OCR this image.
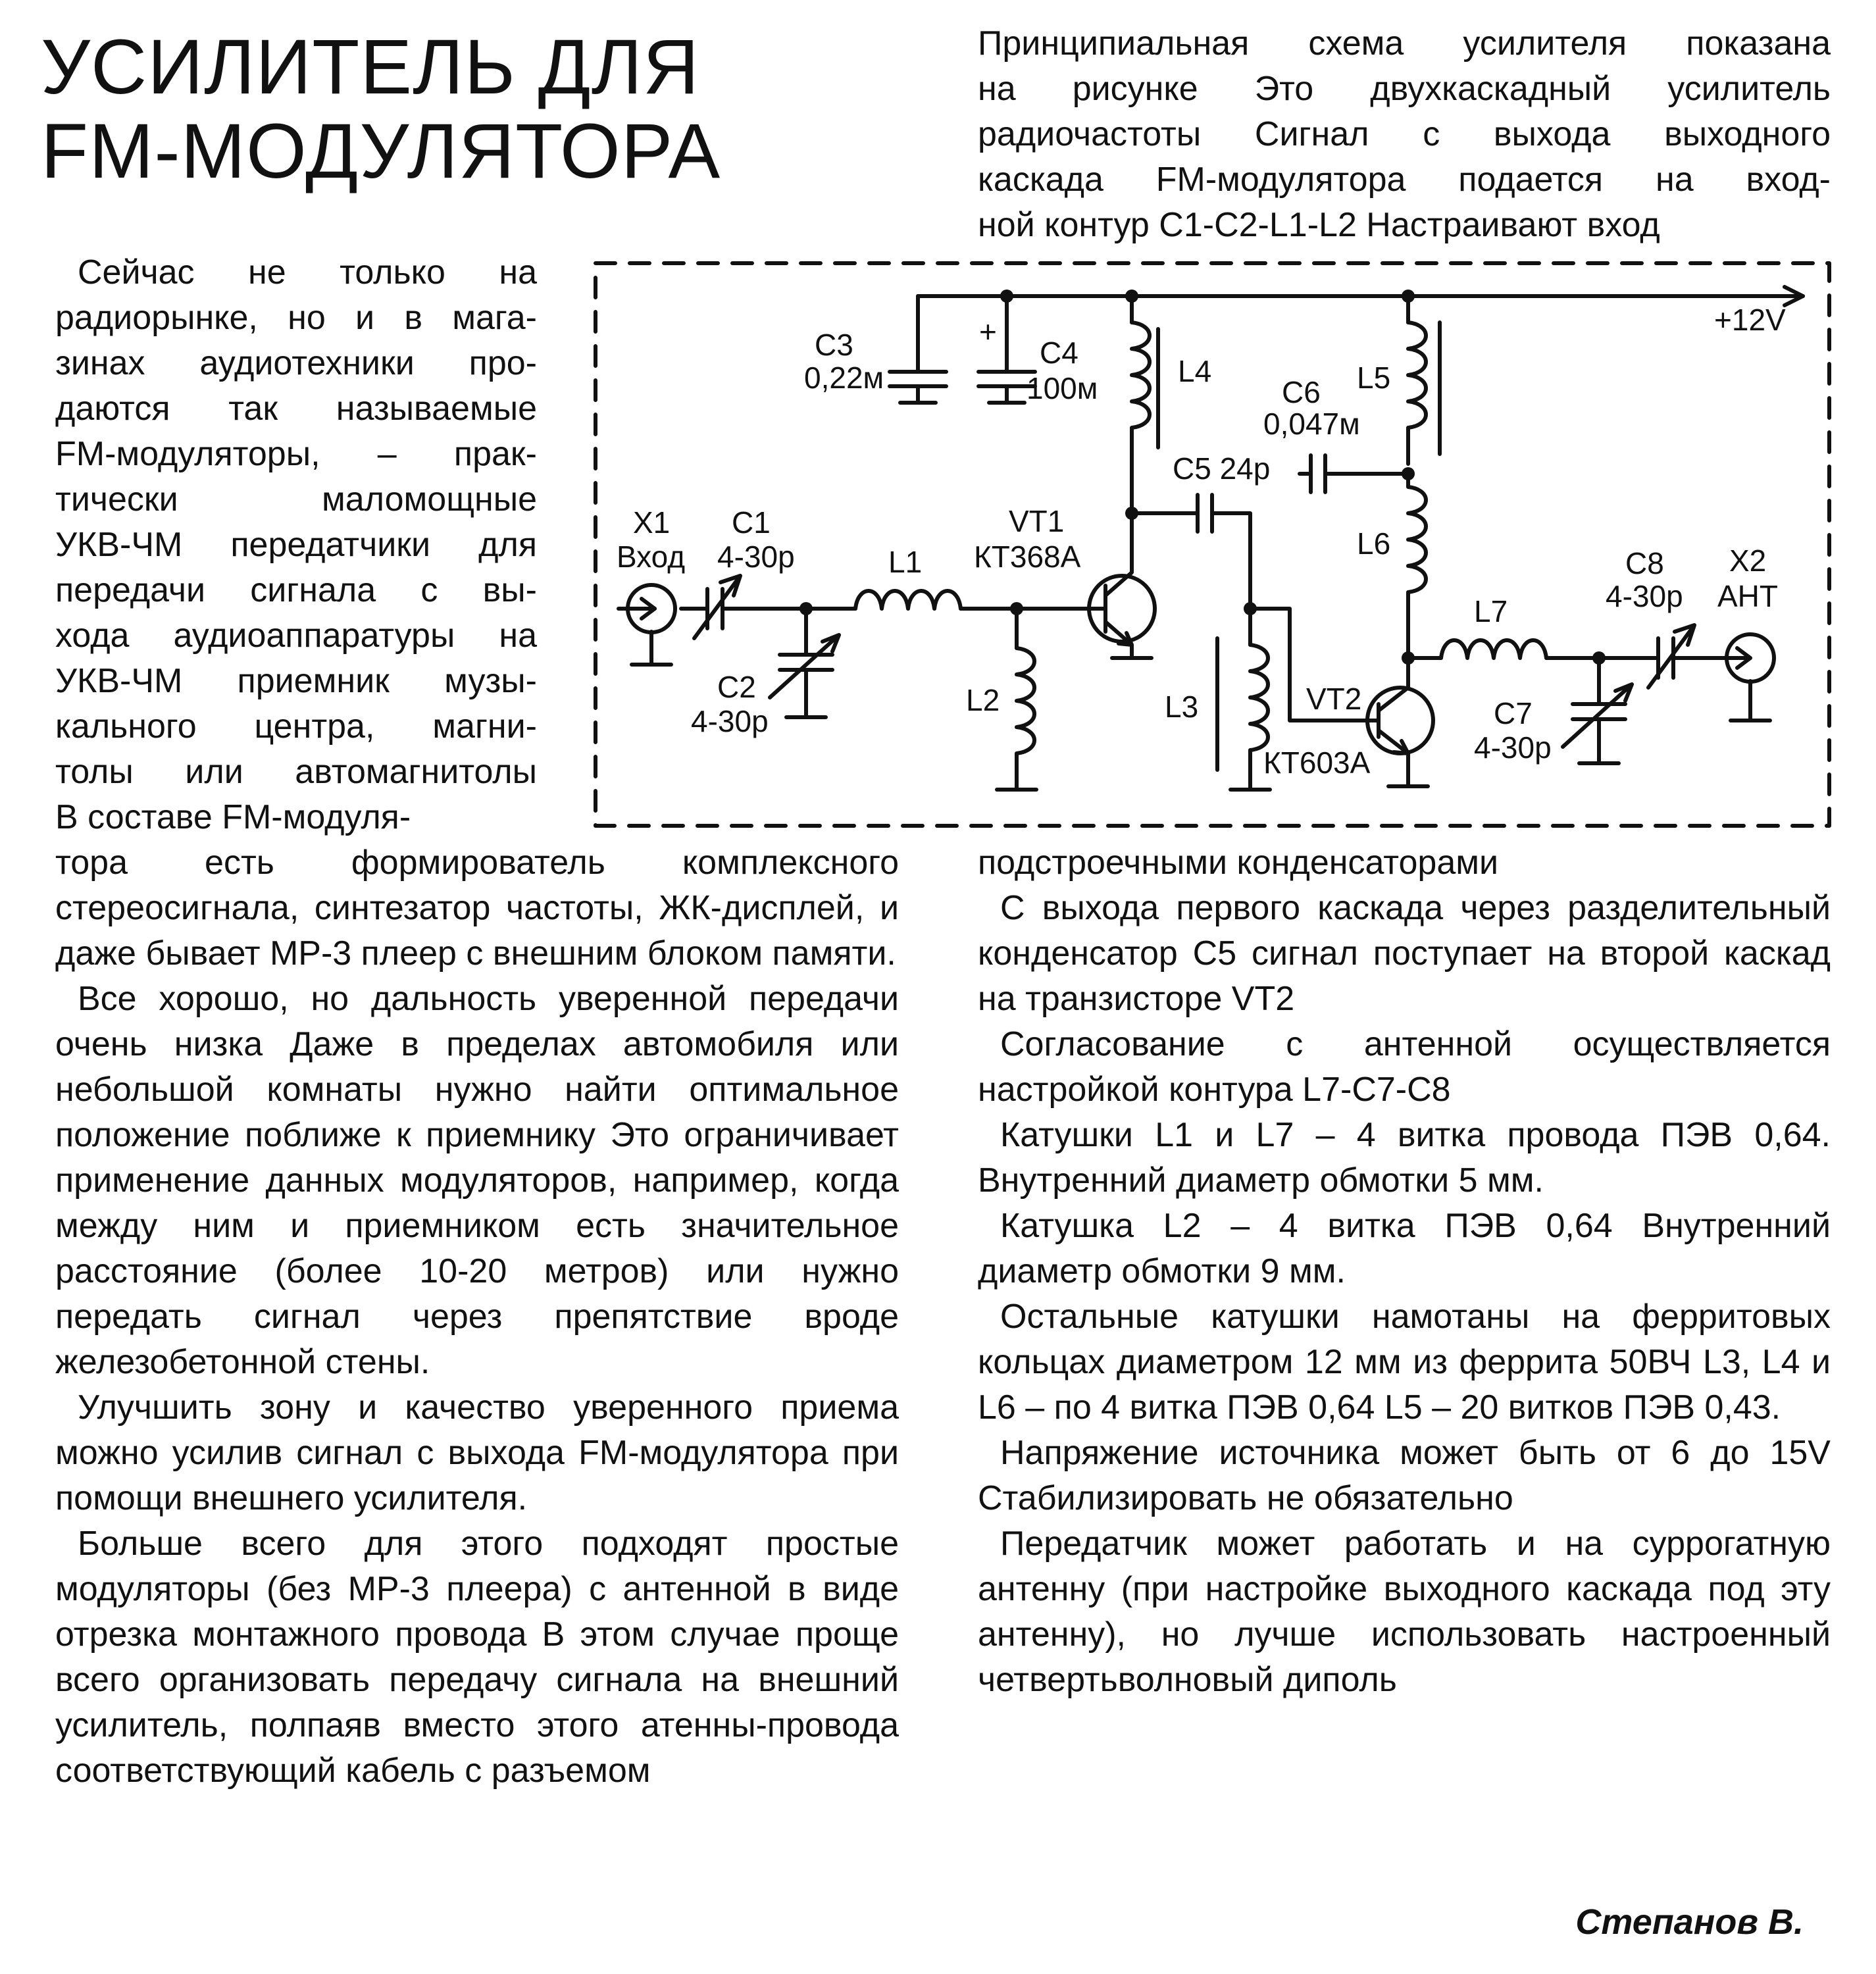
УСИЛИТЕЛЬ ДЛЯ
FM-МОДУЛЯТОРА
Принципиальная схема усилителя показана
на рисунке Это двухкаскадный усилитель
радиочастоты Сигнал с выхода выходного
каскада FM-модулятора подается на вход-
ной контур C1-C2-L1-L2 Настраивают вход
Сейчас не только на
радиорынке, но и в мага-
зинах аудиотехники про-
даются так называемые
FM-модуляторы, – прак-
тически маломощные
УКВ-ЧМ передатчики для
передачи сигнала с вы-
хода аудиоаппаратуры на
УКВ-ЧМ приемник музы-
кального центра, магни-
толы или автомагнитолы
В составе FM-модуля-

тора есть формирователь комплексного стереосигнала, синтезатор частоты, ЖК-дисплей, и даже бывает MP-3 плеер с внешним блоком памяти.

Все хорошо, но дальность уверенной передачи очень низка Даже в пределах автомобиля или небольшой комнаты нужно найти оптимальное положение поближе к приемнику Это ограничивает применение данных модуляторов, например, когда между ним и приемником есть значительное расстояние (более 10-20 метров) или нужно передать сигнал через препятствие вроде железобетонной стены.

Улучшить зону и качество уверенного приема можно усилив сигнал с выхода FM-модулятора при помощи внешнего усилителя.

Больше всего для этого подходят простые модуляторы (без MP-3 плеера) с антенной в виде отрезка монтажного провода В этом случае проще всего организовать передачу сигнала на внешний усилитель, полпаяв вместо этого атенны-провода соответствующий кабель с разъемом

подстроечными конденсаторами

С выхода первого каскада через разделительный конденсатор C5 сигнал поступает на второй каскад на транзисторе VT2

Согласование с антенной осуществляется настройкой контура L7-C7-C8

Катушки L1 и L7 – 4 витка провода ПЭВ 0,64. Внутренний диаметр обмотки 5 мм.

Катушка L2 – 4 витка ПЭВ 0,64 Внутренний диаметр обмотки 9 мм.

Остальные катушки намотаны на ферритовых кольцах диаметром 12 мм из феррита 50ВЧ L3, L4 и L6 – по 4 витка ПЭВ 0,64 L5 – 20 витков ПЭВ 0,43.

Напряжение источника может быть от 6 до 15V Стабилизировать не обязательно

Передатчик может работать и на суррогатную антенну (при настройке выходного каскада под эту антенну), но лучше использовать настроенный четвертьволновый диполь

Степанов В.

+12V
C3
0,22м
+
C4
100м	L4
C6
0,047м
L5
C5 24р
L6
X1
Вход
C1
4-30р	L1
VT1
КТ368А
C2
4-30р
L2	L3	VT2
КТ603А
L7
C7
4-30р
C8
4-30р
X2
АНТ
